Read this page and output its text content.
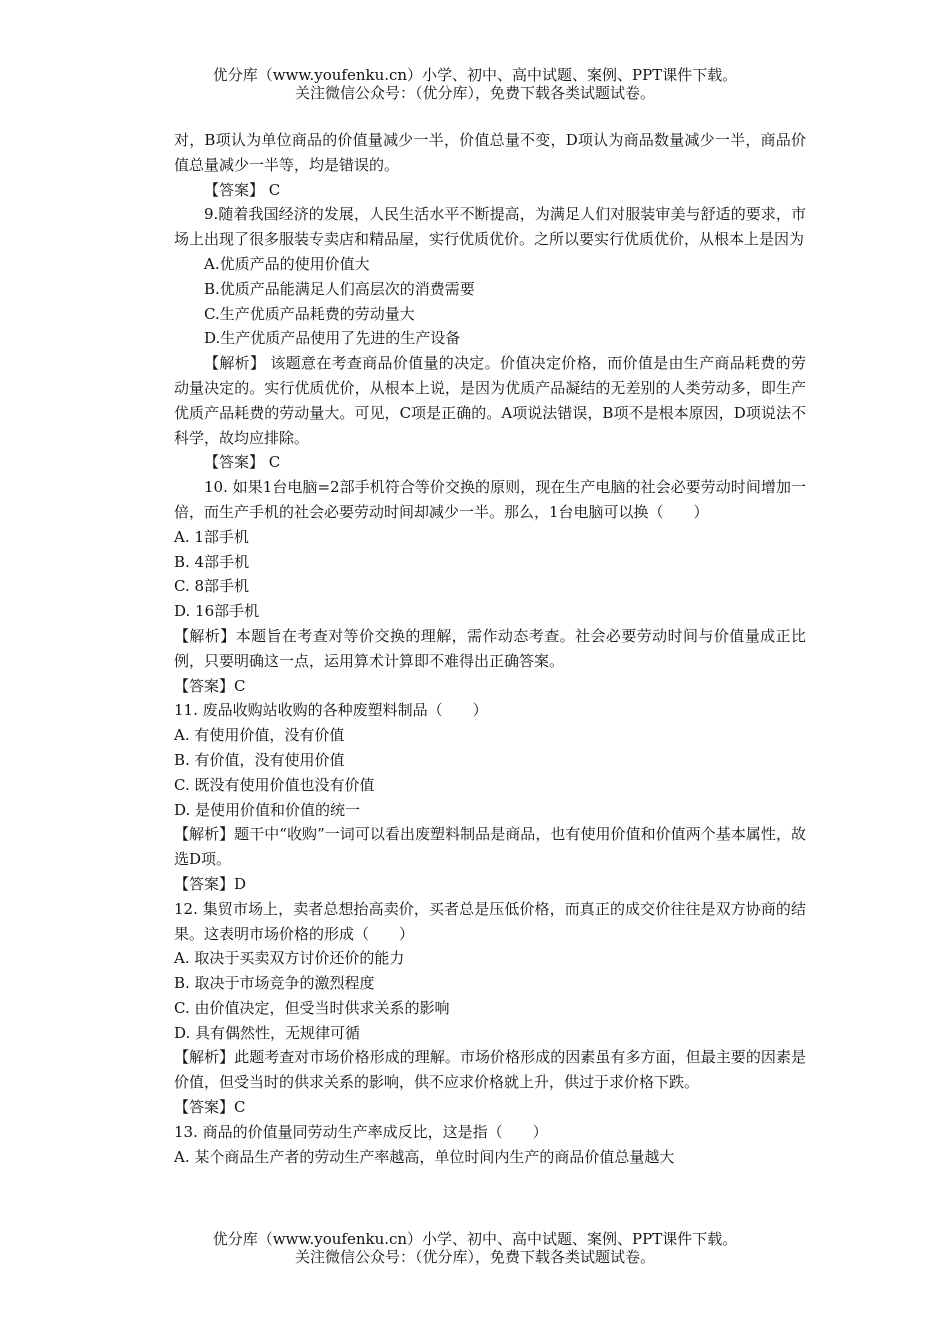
优分库（www.youfenku.cn）小学、初中、高中试题、案例、PPT课件下载。
关注微信公众号：（优分库），免费下载各类试题试卷。

对，B项认为单位商品的价值量减少一半，价值总量不变，D项认为商品数量减少一半，商品价值总量减少一半等，均是错误的。

【答案】 C

9.随着我国经济的发展，人民生活水平不断提高，为满足人们对服装审美与舒适的要求，市场上出现了很多服装专卖店和精品屋，实行优质优价。之所以要实行优质优价，从根本上是因为

A.优质产品的使用价值大

B.优质产品能满足人们高层次的消费需要

C.生产优质产品耗费的劳动量大

D.生产优质产品使用了先进的生产设备

【解析】 该题意在考查商品价值量的决定。价值决定价格，而价值是由生产商品耗费的劳动量决定的。实行优质优价，从根本上说，是因为优质产品凝结的无差别的人类劳动多，即生产优质产品耗费的劳动量大。可见，C项是正确的。A项说法错误，B项不是根本原因，D项说法不科学，故均应排除。

【答案】 C

10. 如果1台电脑=2部手机符合等价交换的原则，现在生产电脑的社会必要劳动时间增加一倍，而生产手机的社会必要劳动时间却减少一半。那么，1台电脑可以换（　　）

A. 1部手机

B. 4部手机

C. 8部手机

D. 16部手机

【解析】本题旨在考查对等价交换的理解，需作动态考查。社会必要劳动时间与价值量成正比例，只要明确这一点，运用算术计算即不难得出正确答案。

【答案】C

11. 废品收购站收购的各种废塑料制品（　　）

A. 有使用价值，没有价值

B. 有价值，没有使用价值

C. 既没有使用价值也没有价值

D. 是使用价值和价值的统一

【解析】题干中“收购”一词可以看出废塑料制品是商品，也有使用价值和价值两个基本属性，故选D项。

【答案】D

12. 集贸市场上，卖者总想抬高卖价，买者总是压低价格，而真正的成交价往往是双方协商的结果。这表明市场价格的形成（　　）

A. 取决于买卖双方讨价还价的能力

B. 取决于市场竞争的激烈程度

C. 由价值决定，但受当时供求关系的影响

D. 具有偶然性，无规律可循

【解析】此题考查对市场价格形成的理解。市场价格形成的因素虽有多方面，但最主要的因素是价值，但受当时的供求关系的影响，供不应求价格就上升，供过于求价格下跌。

【答案】C

13. 商品的价值量同劳动生产率成反比，这是指（　　）

A. 某个商品生产者的劳动生产率越高，单位时间内生产的商品价值总量越大

优分库（www.youfenku.cn）小学、初中、高中试题、案例、PPT课件下载。
关注微信公众号：（优分库），免费下载各类试题试卷。
